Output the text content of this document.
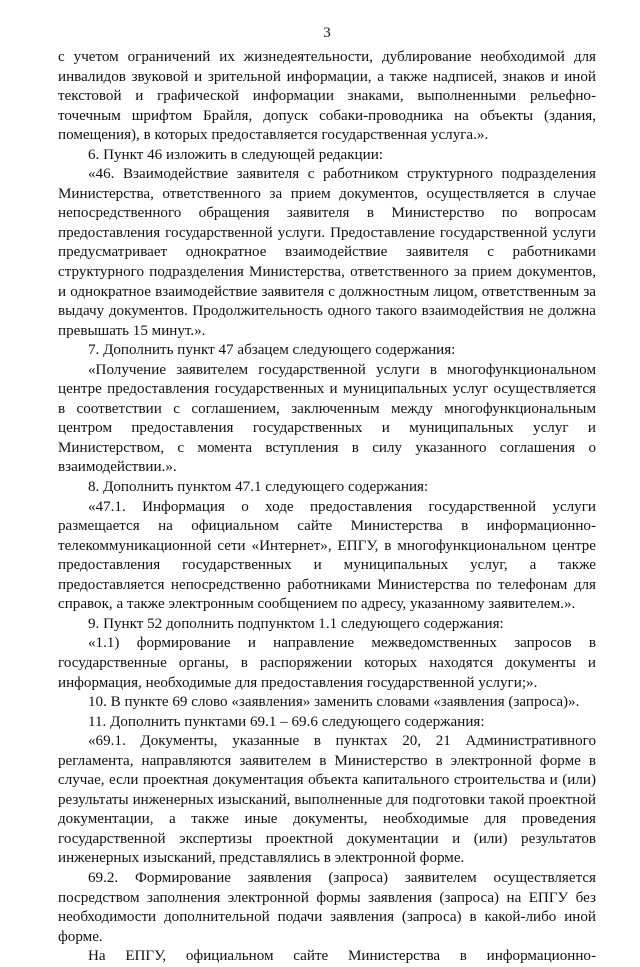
3

с учетом ограничений их жизнедеятельности, дублирование необходимой для инвалидов звуковой и зрительной информации, а также надписей, знаков и иной текстовой и графической информации знаками, выполненными рельефно-точечным шрифтом Брайля, допуск собаки-проводника на объекты (здания, помещения), в которых предоставляется государственная услуга.».

6. Пункт 46 изложить в следующей редакции:

«46. Взаимодействие заявителя с работником структурного подразделения Министерства, ответственного за прием документов, осуществляется в случае непосредственного обращения заявителя в Министерство по вопросам предоставления государственной услуги. Предоставление государственной услуги предусматривает однократное взаимодействие заявителя с работниками структурного подразделения Министерства, ответственного за прием документов, и однократное взаимодействие заявителя с должностным лицом, ответственным за выдачу документов. Продолжительность одного такого взаимодействия не должна превышать 15 минут.».

7. Дополнить пункт 47 абзацем следующего содержания:

«Получение заявителем государственной услуги в многофункциональном центре предоставления государственных и муниципальных услуг осуществляется в соответствии с соглашением, заключенным между многофункциональным центром предоставления государственных и муниципальных услуг и Министерством, с момента вступления в силу указанного соглашения о взаимодействии.».

8. Дополнить пунктом 47.1 следующего содержания:

«47.1. Информация о ходе предоставления государственной услуги размещается на официальном сайте Министерства в информационно-телекоммуникационной сети «Интернет», ЕПГУ, в многофункциональном центре предоставления государственных и муниципальных услуг, а также предоставляется непосредственно работниками Министерства по телефонам для справок, а также электронным сообщением по адресу, указанному заявителем.».

9. Пункт 52 дополнить подпунктом 1.1 следующего содержания:

«1.1) формирование и направление межведомственных запросов в государственные органы, в распоряжении которых находятся документы и информация, необходимые для предоставления государственной услуги;».

10. В пункте 69 слово «заявления» заменить словами «заявления (запроса)».

11. Дополнить пунктами 69.1 – 69.6 следующего содержания:

«69.1. Документы, указанные в пунктах 20, 21 Административного регламента, направляются заявителем в Министерство в электронной форме в случае, если проектная документация объекта капитального строительства и (или) результаты инженерных изысканий, выполненные для подготовки такой проектной документации, а также иные документы, необходимые для проведения государственной экспертизы проектной документации и (или) результатов инженерных изысканий, представлялись в электронной форме.

69.2. Формирование заявления (запроса) заявителем осуществляется посредством заполнения электронной формы заявления (запроса) на ЕПГУ без необходимости дополнительной подачи заявления (запроса) в какой-либо иной форме.

На ЕПГУ, официальном сайте Министерства в информационно-
